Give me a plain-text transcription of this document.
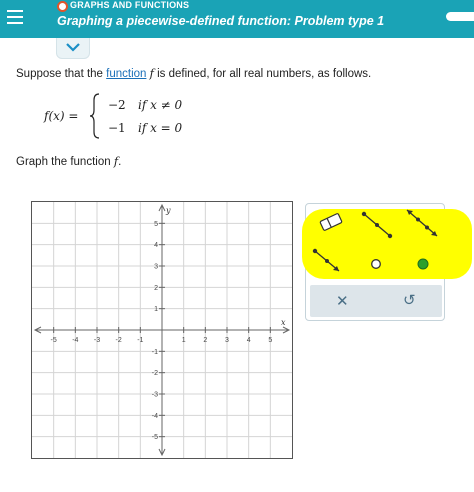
GRAPHS AND FUNCTIONS
Graphing a piecewise-defined function: Problem type 1
Suppose that the function f is defined, for all real numbers, as follows.
f(x) =
−2 if x ≠ 0
−1 if x = 0
Graph the function f.
-5 -4 -3 -2 -1	1	2	3	4	5
5
4
3
2
1
-1
-2
-3
-4
-5
x
y
✕	↺
